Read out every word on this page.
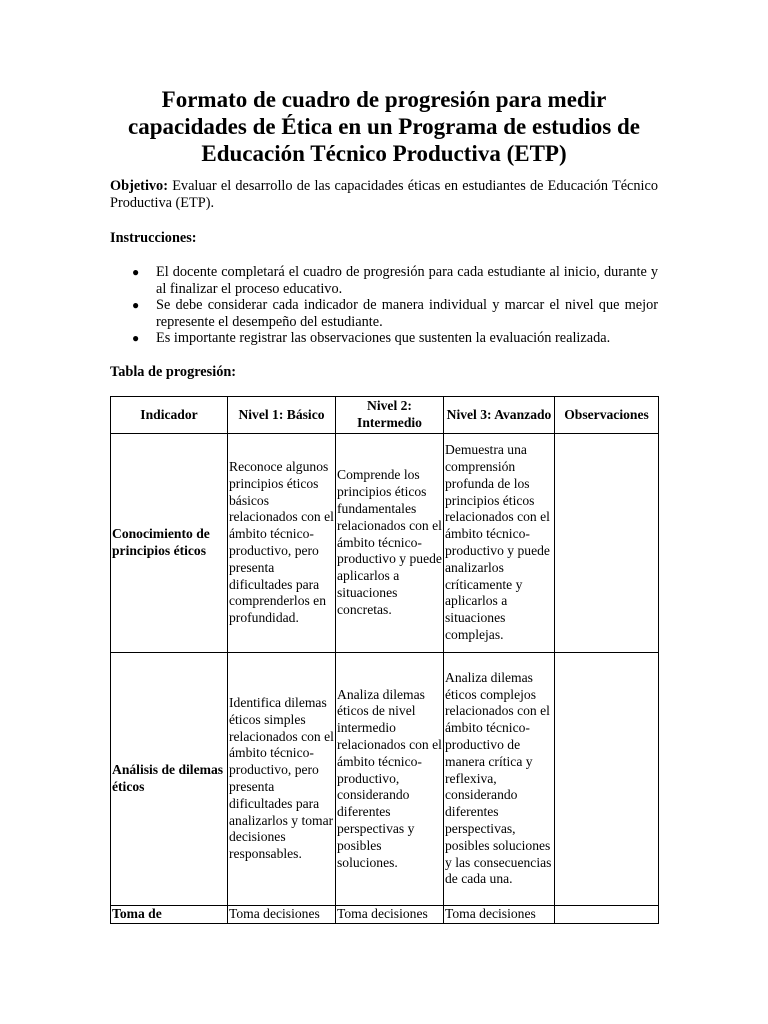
Formato de cuadro de progresión para medir capacidades de Ética en un Programa de estudios de Educación Técnico Productiva (ETP)

Objetivo: Evaluar el desarrollo de las capacidades éticas en estudiantes de Educación Técnico Productiva (ETP).

Instrucciones:

● El docente completará el cuadro de progresión para cada estudiante al inicio, durante y al finalizar el proceso educativo.
● Se debe considerar cada indicador de manera individual y marcar el nivel que mejor represente el desempeño del estudiante.
● Es importante registrar las observaciones que sustenten la evaluación realizada.

Tabla de progresión:

Indicador	Nivel 1: Básico	Nivel 2: Intermedio	Nivel 3: Avanzado	Observaciones
Conocimiento de principios éticos	Reconoce algunos principios éticos básicos relacionados con el ámbito técnico-productivo, pero presenta dificultades para comprenderlos en profundidad.	Comprende los principios éticos fundamentales relacionados con el ámbito técnico-productivo y puede aplicarlos a situaciones concretas.	Demuestra una comprensión profunda de los principios éticos relacionados con el ámbito técnico-productivo y puede analizarlos críticamente y aplicarlos a situaciones complejas.	
Análisis de dilemas éticos	Identifica dilemas éticos simples relacionados con el ámbito técnico-productivo, pero presenta dificultades para analizarlos y tomar decisiones responsables.	Analiza dilemas éticos de nivel intermedio relacionados con el ámbito técnico-productivo, considerando diferentes perspectivas y posibles soluciones.	Analiza dilemas éticos complejos relacionados con el ámbito técnico-productivo de manera crítica y reflexiva, considerando diferentes perspectivas, posibles soluciones y las consecuencias de cada una.	
Toma de	Toma decisiones	Toma decisiones	Toma decisiones	
